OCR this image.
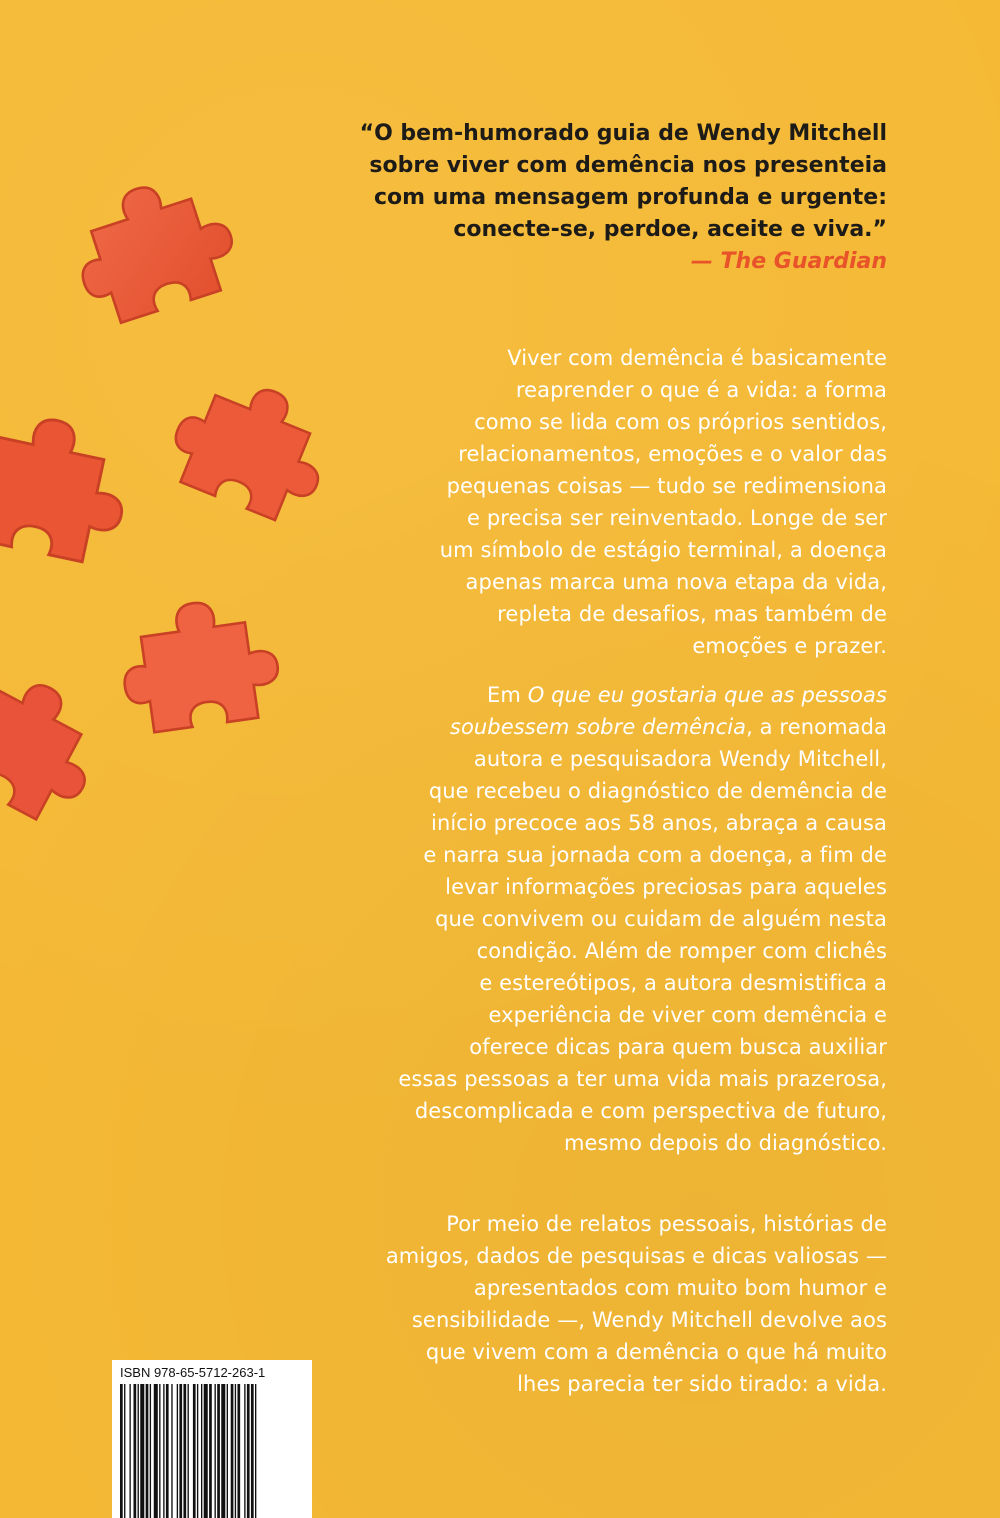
“O bem-humorado guia de Wendy Mitchell

sobre viver com demência nos presenteia

com uma mensagem profunda e urgente:

conecte-se, perdoe, aceite e viva.”

— The Guardian

Viver com demência é basicamente

reaprender o que é a vida: a forma

como se lida com os próprios sentidos,

relacionamentos, emoções e o valor das

pequenas coisas — tudo se redimensiona

e precisa ser reinventado. Longe de ser

um símbolo de estágio terminal, a doença

apenas marca uma nova etapa da vida,

repleta de desafios, mas também de

emoções e prazer.

Em O que eu gostaria que as pessoas

soubessem sobre demência, a renomada

autora e pesquisadora Wendy Mitchell,

que recebeu o diagnóstico de demência de

início precoce aos 58 anos, abraça a causa

e narra sua jornada com a doença, a fim de

levar informações preciosas para aqueles

que convivem ou cuidam de alguém nesta

condição. Além de romper com clichês

e estereótipos, a autora desmistifica a

experiência de viver com demência e

oferece dicas para quem busca auxiliar

essas pessoas a ter uma vida mais prazerosa,

descomplicada e com perspectiva de futuro,

mesmo depois do diagnóstico.

Por meio de relatos pessoais, histórias de

amigos, dados de pesquisas e dicas valiosas —

apresentados com muito bom humor e

sensibilidade —, Wendy Mitchell devolve aos

que vivem com a demência o que há muito

lhes parecia ter sido tirado: a vida.

ISBN 978-65-5712-263-1
